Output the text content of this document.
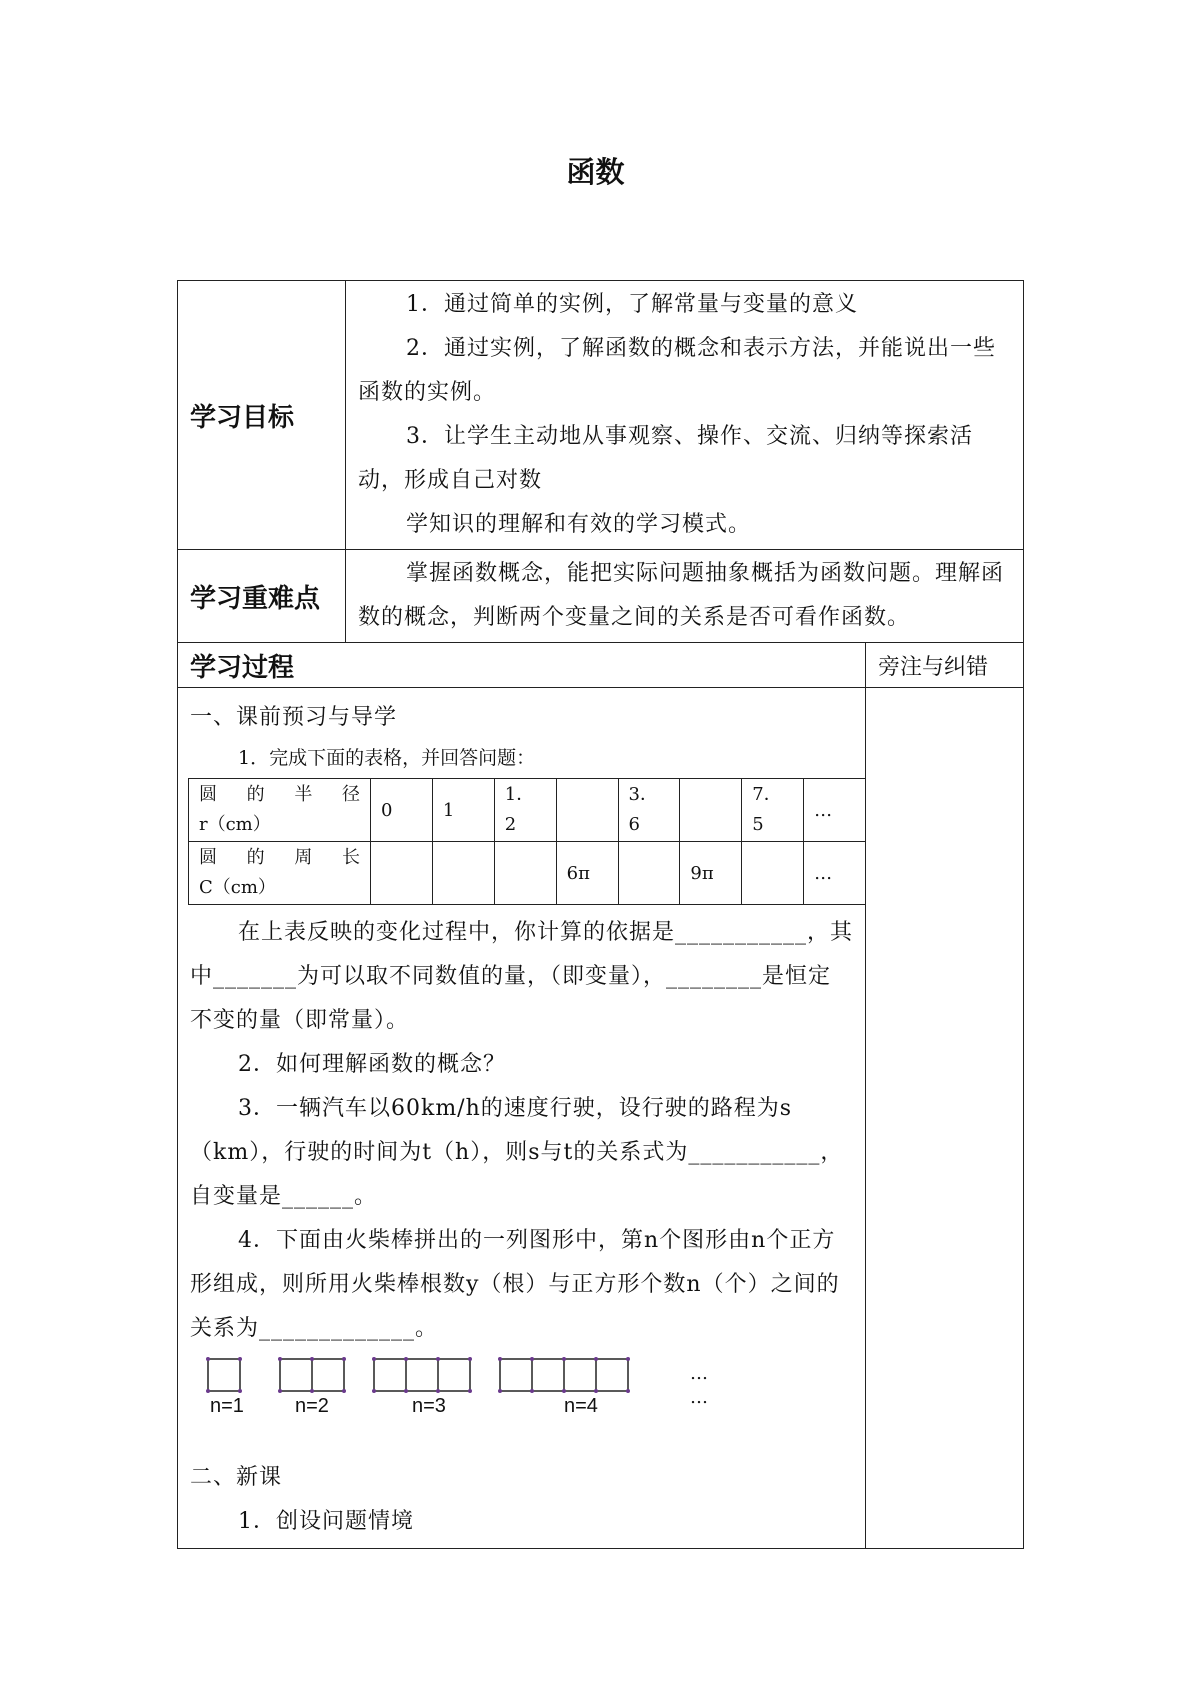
函数
学习目标	
1．通过简单的实例，了解常量与变量的意义
2．通过实例，了解函数的概念和表示方法，并能说出一些函数的实例。
3．让学生主动地从事观察、操作、交流、归纳等探索活动，形成自己对数
学知识的理解和有效的学习模式。

学习重难点	
掌握函数概念，能把实际问题抽象概括为函数问题。理解函数的概念，判断两个变量之间的关系是否可看作函数。

学习过程	旁注与纠错

一、课前预习与导学
1．完成下面的表格，并回答问题：
圆 的 半 径
r（cm）
	0	1	1．2		3．6		7．5	…

圆 的 周 长
C（cm）
				6π		9π		…
在上表反映的变化过程中，你计算的依据是___________，其中_______为可以取不同数值的量，（即变量），________是恒定不变的量（即常量）。
2．如何理解函数的概念？
3．一辆汽车以60km/h的速度行驶，设行驶的路程为s（km），行驶的时间为t（h），则s与t的关系式为___________，自变量是______。
4．下面由火柴棒拼出的一列图形中，第n个图形由n个正方形组成，则所用火柴棒根数y（根）与正方形个数n（个）之间的关系为_____________。
n=1	n=2	n=3	n=4
…
…
二、新课
1．创设问题情境
